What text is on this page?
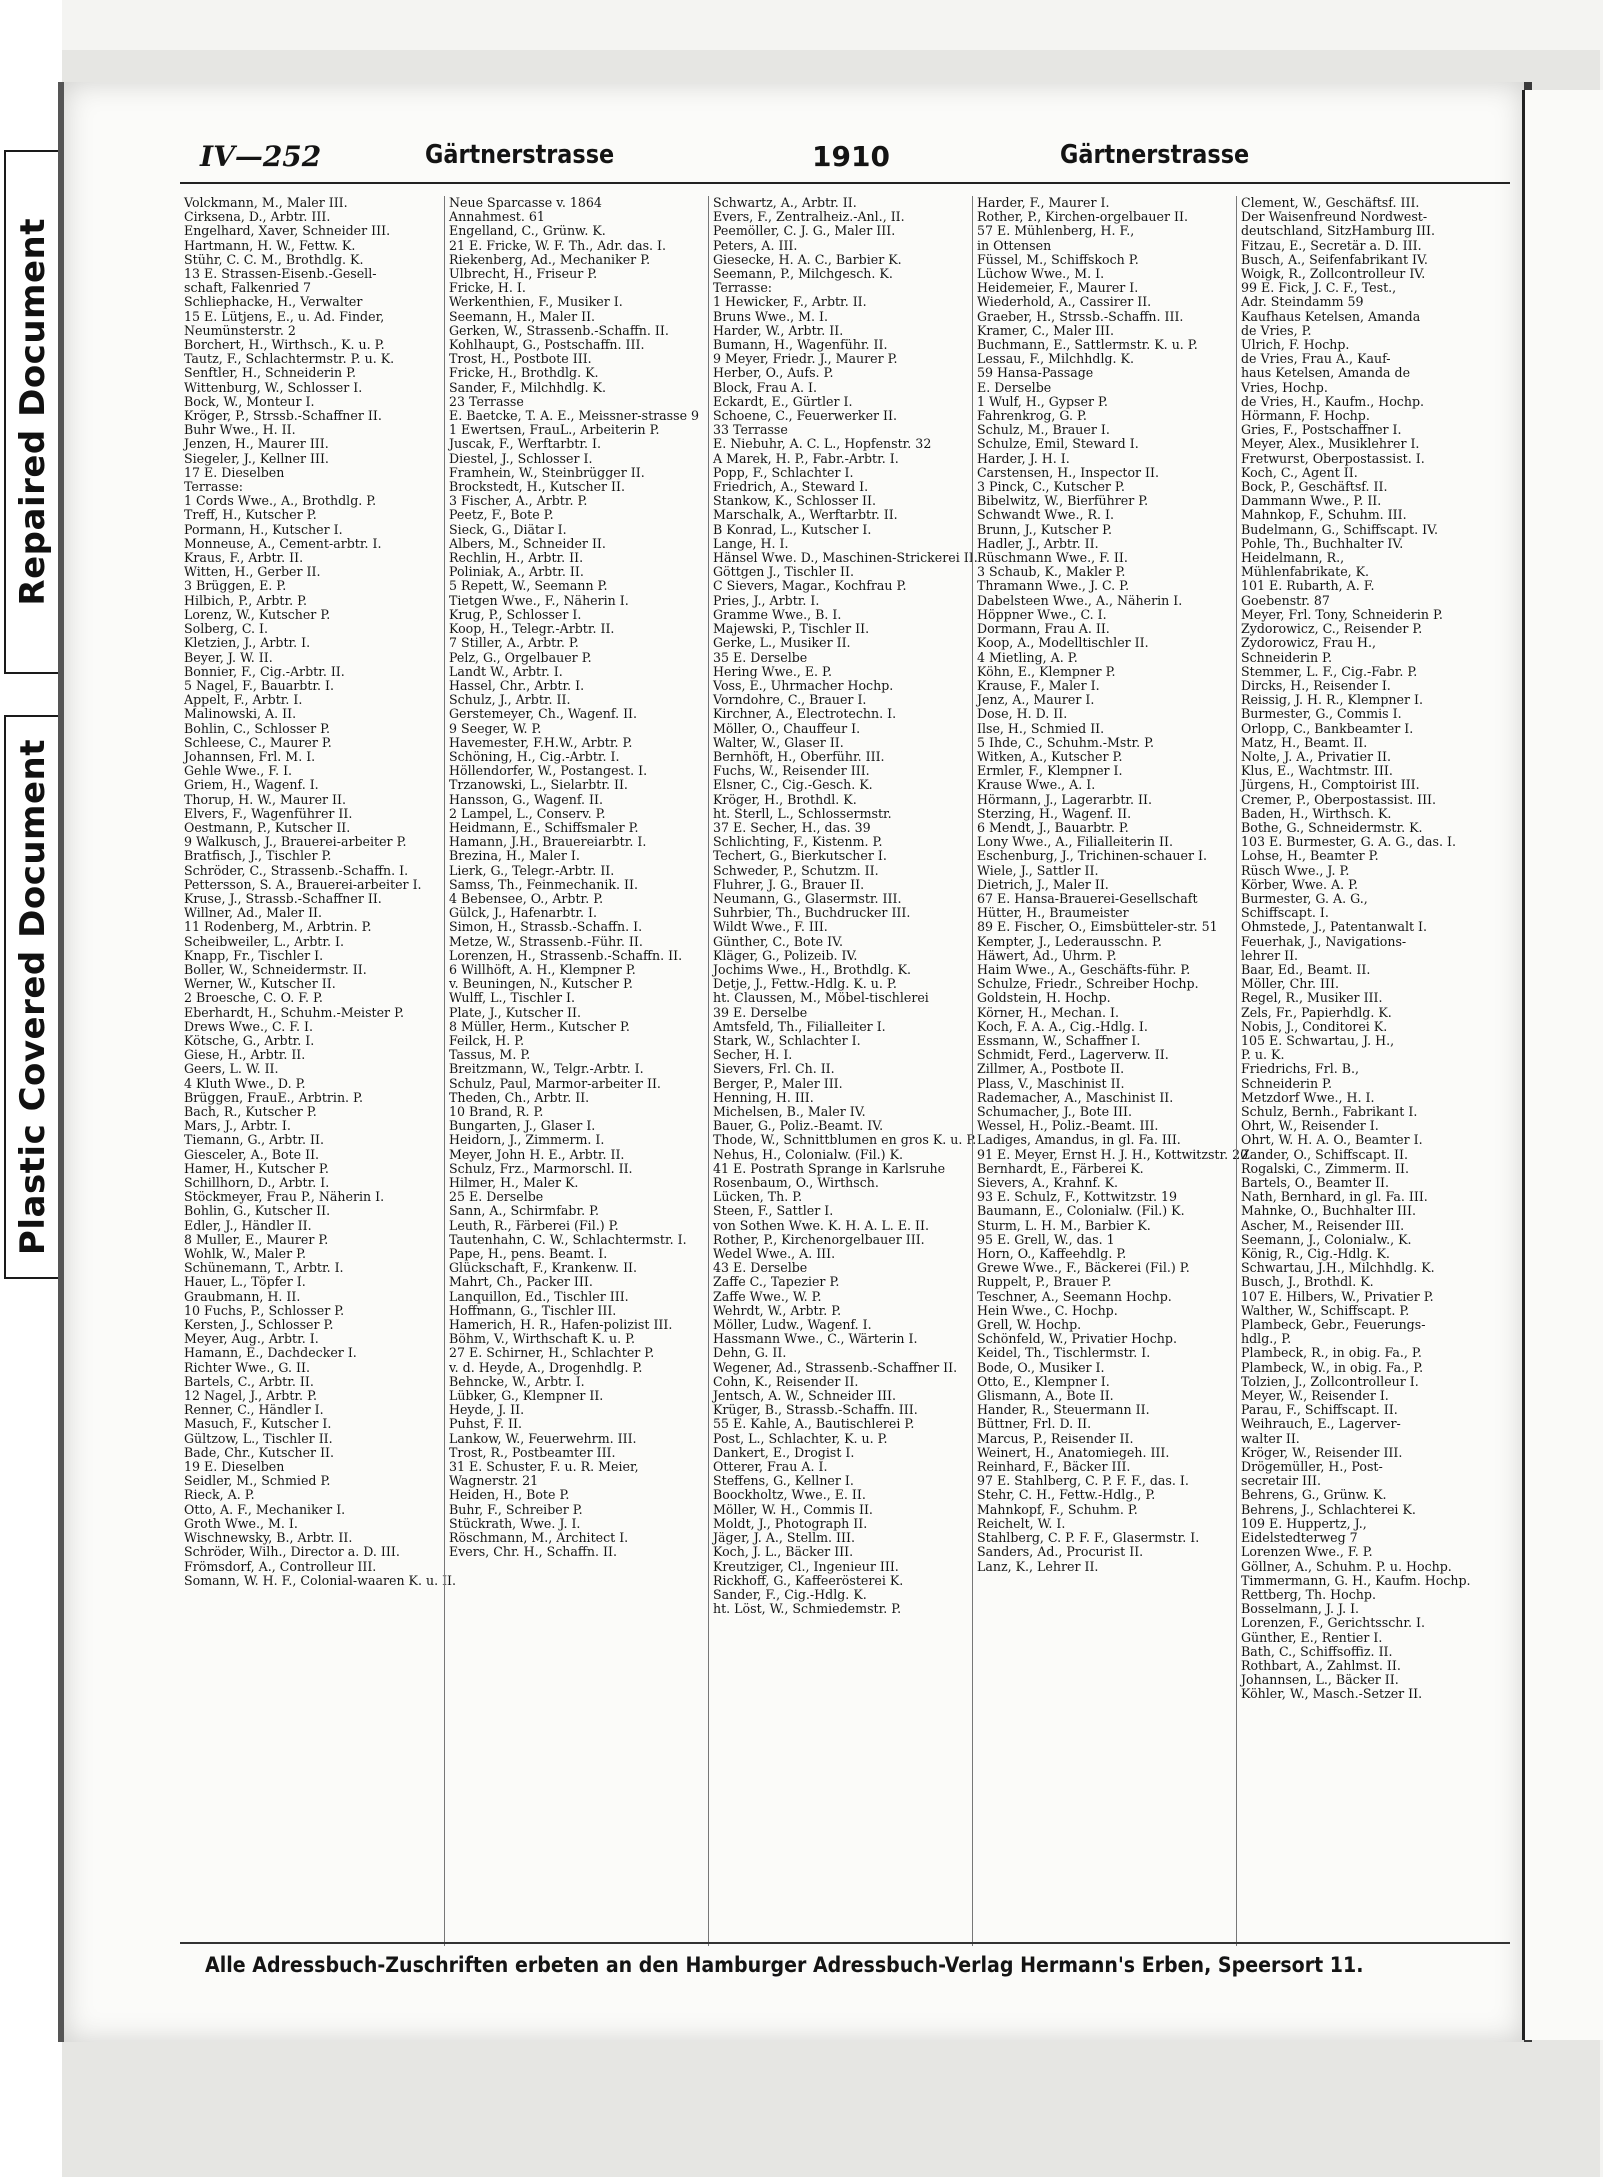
Repaired Document
Plastic Covered Document
IV—252	Gärtnerstrasse	1910	Gärtnerstrasse
Volckmann, M., Maler III.
Cirksena, D., Arbtr. III.
Engelhard, Xaver, Schneider III.
Hartmann, H. W., Fettw. K.
Stühr, C. C. M., Brothdlg. K.
13 E. Strassen-Eisenb.-Gesell-
schaft, Falkenried 7
Schliephacke, H., Verwalter
15 E. Lütjens, E., u. Ad. Finder,
Neumünsterstr. 2
Borchert, H., Wirthsch., K. u. P.
Tautz, F., Schlachtermstr. P. u. K.
Senftler, H., Schneiderin P.
Wittenburg, W., Schlosser I.
Bock, W., Monteur I.
Kröger, P., Strssb.-Schaffner II.
Buhr Wwe., H. II.
Jenzen, H., Maurer III.
Siegeler, J., Kellner III.
17 E. Dieselben
Terrasse:
1 Cords Wwe., A., Brothdlg. P.
Treff, H., Kutscher P.
Pormann, H., Kutscher I.
Monneuse, A., Cement-arbtr. I.
Kraus, F., Arbtr. II.
Witten, H., Gerber II.
3 Brüggen, E. P.
Hilbich, P., Arbtr. P.
Lorenz, W., Kutscher P.
Solberg, C. I.
Kletzien, J., Arbtr. I.
Beyer, J. W. II.
Bonnier, F., Cig.-Arbtr. II.
5 Nagel, F., Bauarbtr. I.
Appelt, F., Arbtr. I.
Malinowski, A. II.
Bohlin, C., Schlosser P.
Schleese, C., Maurer P.
Johannsen, Frl. M. I.
Gehle Wwe., F. I.
Griem, H., Wagenf. I.
Thorup, H. W., Maurer II.
Elvers, F., Wagenführer II.
Oestmann, P., Kutscher II.
9 Walkusch, J., Brauerei-arbeiter P.
Bratfisch, J., Tischler P.
Schröder, C., Strassenb.-Schaffn. I.
Pettersson, S. A., Brauerei-arbeiter I.
Kruse, J., Strassb.-Schaffner II.
Willner, Ad., Maler II.
11 Rodenberg, M., Arbtrin. P.
Scheibweiler, L., Arbtr. I.
Knapp, Fr., Tischler I.
Boller, W., Schneidermstr. II.
Werner, W., Kutscher II.
2 Broesche, C. O. F. P.
Eberhardt, H., Schuhm.-Meister P.
Drews Wwe., C. F. I.
Kötsche, G., Arbtr. I.
Giese, H., Arbtr. II.
Geers, L. W. II.
4 Kluth Wwe., D. P.
Brüggen, FrauE., Arbtrin. P.
Bach, R., Kutscher P.
Mars, J., Arbtr. I.
Tiemann, G., Arbtr. II.
Giesceler, A., Bote II.
Hamer, H., Kutscher P.
Schillhorn, D., Arbtr. I.
Stöckmeyer, Frau P., Näherin I.
Bohlin, G., Kutscher II.
Edler, J., Händler II.
8 Muller, E., Maurer P.
Wohlk, W., Maler P.
Schünemann, T., Arbtr. I.
Hauer, L., Töpfer I.
Graubmann, H. II.
10 Fuchs, P., Schlosser P.
Kersten, J., Schlosser P.
Meyer, Aug., Arbtr. I.
Hamann, E., Dachdecker I.
Richter Wwe., G. II.
Bartels, C., Arbtr. II.
12 Nagel, J., Arbtr. P.
Renner, C., Händler I.
Masuch, F., Kutscher I.
Gültzow, L., Tischler II.
Bade, Chr., Kutscher II.
19 E. Dieselben
Seidler, M., Schmied P.
Rieck, A. P.
Otto, A. F., Mechaniker I.
Groth Wwe., M. I.
Wischnewsky, B., Arbtr. II.
Schröder, Wilh., Director a. D. III.
Frömsdorf, A., Controlleur III.
Somann, W. H. F., Colonial-waaren K. u. II.
Neue Sparcasse v. 1864
Annahmest. 61
Engelland, C., Grünw. K.
21 E. Fricke, W. F. Th., Adr. das. I.
Riekenberg, Ad., Mechaniker P.
Ulbrecht, H., Friseur P.
Fricke, H. I.
Werkenthien, F., Musiker I.
Seemann, H., Maler II.
Gerken, W., Strassenb.-Schaffn. II.
Kohlhaupt, G., Postschaffn. III.
Trost, H., Postbote III.
Fricke, H., Brothdlg. K.
Sander, F., Milchhdlg. K.
23 Terrasse
E. Baetcke, T. A. E., Meissner-strasse 9
1 Ewertsen, FrauL., Arbeiterin P.
Juscak, F., Werftarbtr. I.
Diestel, J., Schlosser I.
Framhein, W., Steinbrügger II.
Brockstedt, H., Kutscher II.
3 Fischer, A., Arbtr. P.
Peetz, F., Bote P.
Sieck, G., Diätar I.
Albers, M., Schneider II.
Rechlin, H., Arbtr. II.
Poliniak, A., Arbtr. II.
5 Repett, W., Seemann P.
Tietgen Wwe., F., Näherin I.
Krug, P., Schlosser I.
Koop, H., Telegr.-Arbtr. II.
7 Stiller, A., Arbtr. P.
Pelz, G., Orgelbauer P.
Landt W., Arbtr. I.
Hassel, Chr., Arbtr. I.
Schulz, J., Arbtr. II.
Gerstemeyer, Ch., Wagenf. II.
9 Seeger, W. P.
Havemester, F.H.W., Arbtr. P.
Schöning, H., Cig.-Arbtr. I.
Höllendorfer, W., Postangest. I.
Trzanowski, L., Sielarbtr. II.
Hansson, G., Wagenf. II.
2 Lampel, L., Conserv. P.
Heidmann, E., Schiffsmaler P.
Hamann, J.H., Brauereiarbtr. I.
Brezina, H., Maler I.
Lierk, G., Telegr.-Arbtr. II.
Samss, Th., Feinmechanik. II.
4 Bebensee, O., Arbtr. P.
Gülck, J., Hafenarbtr. I.
Simon, H., Strassb.-Schaffn. I.
Metze, W., Strassenb.-Führ. II.
Lorenzen, H., Strassenb.-Schaffn. II.
6 Willhöft, A. H., Klempner P.
v. Beuningen, N., Kutscher P.
Wulff, L., Tischler I.
Plate, J., Kutscher II.
8 Müller, Herm., Kutscher P.
Feilck, H. P.
Tassus, M. P.
Breitzmann, W., Telgr.-Arbtr. I.
Schulz, Paul, Marmor-arbeiter II.
Theden, Ch., Arbtr. II.
10 Brand, R. P.
Bungarten, J., Glaser I.
Heidorn, J., Zimmerm. I.
Meyer, John H. E., Arbtr. II.
Schulz, Frz., Marmorschl. II.
Hilmer, H., Maler K.
25 E. Derselbe
Sann, A., Schirmfabr. P.
Leuth, R., Färberei (Fil.) P.
Tautenhahn, C. W., Schlachtermstr. I.
Pape, H., pens. Beamt. I.
Glückschaft, F., Krankenw. II.
Mahrt, Ch., Packer III.
Lanquillon, Ed., Tischler III.
Hoffmann, G., Tischler III.
Hamerich, H. R., Hafen-polizist III.
Böhm, V., Wirthschaft K. u. P.
27 E. Schirner, H., Schlachter P.
v. d. Heyde, A., Drogenhdlg. P.
Behncke, W., Arbtr. I.
Lübker, G., Klempner II.
Heyde, J. II.
Puhst, F. II.
Lankow, W., Feuerwehrm. III.
Trost, R., Postbeamter III.
31 E. Schuster, F. u. R. Meier,
Wagnerstr. 21
Heiden, H., Bote P.
Buhr, F., Schreiber P.
Stückrath, Wwe. J. I.
Röschmann, M., Architect I.
Evers, Chr. H., Schaffn. II.
Schwartz, A., Arbtr. II.
Evers, F., Zentralheiz.-Anl., II.
Peemöller, C. J. G., Maler III.
Peters, A. III.
Giesecke, H. A. C., Barbier K.
Seemann, P., Milchgesch. K.
Terrasse:
1 Hewicker, F., Arbtr. II.
Bruns Wwe., M. I.
Harder, W., Arbtr. II.
Bumann, H., Wagenführ. II.
9 Meyer, Friedr. J., Maurer P.
Herber, O., Aufs. P.
Block, Frau A. I.
Eckardt, E., Gürtler I.
Schoene, C., Feuerwerker II.
33 Terrasse
E. Niebuhr, A. C. L., Hopfenstr. 32
A Marek, H. P., Fabr.-Arbtr. I.
Popp, F., Schlachter I.
Friedrich, A., Steward I.
Stankow, K., Schlosser II.
Marschalk, A., Werftarbtr. II.
B Konrad, L., Kutscher I.
Lange, H. I.
Hänsel Wwe. D., Maschinen-Strickerei II.
Göttgen J., Tischler II.
C Sievers, Magar., Kochfrau P.
Pries, J., Arbtr. I.
Gramme Wwe., B. I.
Majewski, P., Tischler II.
Gerke, L., Musiker II.
35 E. Derselbe
Hering Wwe., E. P.
Voss, E., Uhrmacher Hochp.
Vorndohre, C., Brauer I.
Kirchner, A., Electrotechn. I.
Möller, O., Chauffeur I.
Walter, W., Glaser II.
Bernhöft, H., Oberführ. III.
Fuchs, W., Reisender III.
Elsner, C., Cig.-Gesch. K.
Kröger, H., Brothdl. K.
ht. Sterll, L., Schlossermstr.
37 E. Secher, H., das. 39
Schlichting, F., Kistenm. P.
Techert, G., Bierkutscher I.
Schweder, P., Schutzm. II.
Fluhrer, J. G., Brauer II.
Neumann, G., Glasermstr. III.
Suhrbier, Th., Buchdrucker III.
Wildt Wwe., F. III.
Günther, C., Bote IV.
Kläger, G., Polizeib. IV.
Jochims Wwe., H., Brothdlg. K.
Detje, J., Fettw.-Hdlg. K. u. P.
ht. Claussen, M., Möbel-tischlerei
39 E. Derselbe
Amtsfeld, Th., Filialleiter I.
Stark, W., Schlachter I.
Secher, H. I.
Sievers, Frl. Ch. II.
Berger, P., Maler III.
Henning, H. III.
Michelsen, B., Maler IV.
Bauer, G., Poliz.-Beamt. IV.
Thode, W., Schnittblumen en gros K. u. P.
Nehus, H., Colonialw. (Fil.) K.
41 E. Postrath Sprange in Karlsruhe
Rosenbaum, O., Wirthsch.
Lücken, Th. P.
Steen, F., Sattler I.
von Sothen Wwe. K. H. A. L. E. II.
Rother, P., Kirchenorgelbauer III.
Wedel Wwe., A. III.
43 E. Derselbe
Zaffe C., Tapezier P.
Zaffe Wwe., W. P.
Wehrdt, W., Arbtr. P.
Möller, Ludw., Wagenf. I.
Hassmann Wwe., C., Wärterin I.
Dehn, G. II.
Wegener, Ad., Strassenb.-Schaffner II.
Cohn, K., Reisender II.
Jentsch, A. W., Schneider III.
Krüger, B., Strassb.-Schaffn. III.
55 E. Kahle, A., Bautischlerei P.
Post, L., Schlachter, K. u. P.
Dankert, E., Drogist I.
Otterer, Frau A. I.
Steffens, G., Kellner I.
Boockholtz, Wwe., E. II.
Möller, W. H., Commis II.
Moldt, J., Photograph II.
Jäger, J. A., Stellm. III.
Koch, J. L., Bäcker III.
Kreutziger, Cl., Ingenieur III.
Rickhoff, G., Kaffeerösterei K.
Sander, F., Cig.-Hdlg. K.
ht. Löst, W., Schmiedemstr. P.
Harder, F., Maurer I.
Rother, P., Kirchen-orgelbauer II.
57 E. Mühlenberg, H. F.,
in Ottensen
Füssel, M., Schiffskoch P.
Lüchow Wwe., M. I.
Heidemeier, F., Maurer I.
Wiederhold, A., Cassirer II.
Graeber, H., Strssb.-Schaffn. III.
Kramer, C., Maler III.
Buchmann, E., Sattlermstr. K. u. P.
Lessau, F., Milchhdlg. K.
59 Hansa-Passage
E. Derselbe
1 Wulf, H., Gypser P.
Fahrenkrog, G. P.
Schulz, M., Brauer I.
Schulze, Emil, Steward I.
Harder, J. H. I.
Carstensen, H., Inspector II.
3 Pinck, C., Kutscher P.
Bibelwitz, W., Bierführer P.
Schwandt Wwe., R. I.
Brunn, J., Kutscher P.
Hadler, J., Arbtr. II.
Rüschmann Wwe., F. II.
3 Schaub, K., Makler P.
Thramann Wwe., J. C. P.
Dabelsteen Wwe., A., Näherin I.
Höppner Wwe., C. I.
Dormann, Frau A. II.
Koop, A., Modelltischler II.
4 Mietling, A. P.
Köhn, E., Klempner P.
Krause, F., Maler I.
Jenz, A., Maurer I.
Dose, H. D. II.
Ilse, H., Schmied II.
5 Ihde, C., Schuhm.-Mstr. P.
Witken, A., Kutscher P.
Ermler, F., Klempner I.
Krause Wwe., A. I.
Hörmann, J., Lagerarbtr. II.
Sterzing, H., Wagenf. II.
6 Mendt, J., Bauarbtr. P.
Lony Wwe., A., Filialleiterin II.
Eschenburg, J., Trichinen-schauer I.
Wiele, J., Sattler II.
Dietrich, J., Maler II.
67 E. Hansa-Brauerei-Gesellschaft
Hütter, H., Braumeister
89 E. Fischer, O., Eimsbütteler-str. 51
Kempter, J., Lederausschn. P.
Häwert, Ad., Uhrm. P.
Haim Wwe., A., Geschäfts-führ. P.
Schulze, Friedr., Schreiber Hochp.
Goldstein, H. Hochp.
Körner, H., Mechan. I.
Koch, F. A. A., Cig.-Hdlg. I.
Essmann, W., Schaffner I.
Schmidt, Ferd., Lagerverw. II.
Zillmer, A., Postbote II.
Plass, V., Maschinist II.
Rademacher, A., Maschinist II.
Schumacher, J., Bote III.
Wessel, H., Poliz.-Beamt. III.
Ladiges, Amandus, in gl. Fa. III.
91 E. Meyer, Ernst H. J. H., Kottwitzstr. 20
Bernhardt, E., Färberei K.
Sievers, A., Krahnf. K.
93 E. Schulz, F., Kottwitzstr. 19
Baumann, E., Colonialw. (Fil.) K.
Sturm, L. H. M., Barbier K.
95 E. Grell, W., das. 1
Horn, O., Kaffeehdlg. P.
Grewe Wwe., F., Bäckerei (Fil.) P.
Ruppelt, P., Brauer P.
Teschner, A., Seemann Hochp.
Hein Wwe., C. Hochp.
Grell, W. Hochp.
Schönfeld, W., Privatier Hochp.
Keidel, Th., Tischlermstr. I.
Bode, O., Musiker I.
Otto, E., Klempner I.
Glismann, A., Bote II.
Hander, R., Steuermann II.
Büttner, Frl. D. II.
Marcus, P., Reisender II.
Weinert, H., Anatomiegeh. III.
Reinhard, F., Bäcker III.
97 E. Stahlberg, C. P. F. F., das. I.
Stehr, C. H., Fettw.-Hdlg., P.
Mahnkopf, F., Schuhm. P.
Reichelt, W. I.
Stahlberg, C. P. F. F., Glasermstr. I.
Sanders, Ad., Procurist II.
Lanz, K., Lehrer II.
Clement, W., Geschäftsf. III.
Der Waisenfreund Nordwest-
deutschland, SitzHamburg III.
Fitzau, E., Secretär a. D. III.
Busch, A., Seifenfabrikant IV.
Woigk, R., Zollcontrolleur IV.
99 E. Fick, J. C. F., Test.,
Adr. Steindamm 59
Kaufhaus Ketelsen, Amanda
de Vries, P.
Ulrich, F. Hochp.
de Vries, Frau A., Kauf-
haus Ketelsen, Amanda de
Vries, Hochp.
de Vries, H., Kaufm., Hochp.
Hörmann, F. Hochp.
Gries, F., Postschaffner I.
Meyer, Alex., Musiklehrer I.
Fretwurst, Oberpostassist. I.
Koch, C., Agent II.
Bock, P., Geschäftsf. II.
Dammann Wwe., P. II.
Mahnkop, F., Schuhm. III.
Budelmann, G., Schiffscapt. IV.
Pohle, Th., Buchhalter IV.
Heidelmann, R.,
Mühlenfabrikate, K.
101 E. Rubarth, A. F.
Goebenstr. 87
Meyer, Frl. Tony, Schneiderin P.
Zydorowicz, C., Reisender P.
Zydorowicz, Frau H.,
Schneiderin P.
Stemmer, L. F., Cig.-Fabr. P.
Dircks, H., Reisender I.
Reissig, J. H. R., Klempner I.
Burmester, G., Commis I.
Orlopp, C., Bankbeamter I.
Matz, H., Beamt. II.
Nolte, J. A., Privatier II.
Klus, E., Wachtmstr. III.
Jürgens, H., Comptoirist III.
Cremer, P., Oberpostassist. III.
Baden, H., Wirthsch. K.
Bothe, G., Schneidermstr. K.
103 E. Burmester, G. A. G., das. I.
Lohse, H., Beamter P.
Rüsch Wwe., J. P.
Körber, Wwe. A. P.
Burmester, G. A. G.,
Schiffscapt. I.
Ohmstede, J., Patentanwalt I.
Feuerhak, J., Navigations-
lehrer II.
Baar, Ed., Beamt. II.
Möller, Chr. III.
Regel, R., Musiker III.
Zels, Fr., Papierhdlg. K.
Nobis, J., Conditorei K.
105 E. Schwartau, J. H.,
P. u. K.
Friedrichs, Frl. B.,
Schneiderin P.
Metzdorf Wwe., H. I.
Schulz, Bernh., Fabrikant I.
Ohrt, W., Reisender I.
Ohrt, W. H. A. O., Beamter I.
Zander, O., Schiffscapt. II.
Rogalski, C., Zimmerm. II.
Bartels, O., Beamter II.
Nath, Bernhard, in gl. Fa. III.
Mahnke, O., Buchhalter III.
Ascher, M., Reisender III.
Seemann, J., Colonialw., K.
König, R., Cig.-Hdlg. K.
Schwartau, J.H., Milchhdlg. K.
Busch, J., Brothdl. K.
107 E. Hilbers, W., Privatier P.
Walther, W., Schiffscapt. P.
Plambeck, Gebr., Feuerungs-
hdlg., P.
Plambeck, R., in obig. Fa., P.
Plambeck, W., in obig. Fa., P.
Tolzien, J., Zollcontrolleur I.
Meyer, W., Reisender I.
Parau, F., Schiffscapt. II.
Weihrauch, E., Lagerver-
walter II.
Kröger, W., Reisender III.
Drögemüller, H., Post-
secretair III.
Behrens, G., Grünw. K.
Behrens, J., Schlachterei K.
109 E. Huppertz, J.,
Eidelstedterweg 7
Lorenzen Wwe., F. P.
Göllner, A., Schuhm. P. u. Hochp.
Timmermann, G. H., Kaufm. Hochp.
Rettberg, Th. Hochp.
Bosselmann, J. J. I.
Lorenzen, F., Gerichtsschr. I.
Günther, E., Rentier I.
Bath, C., Schiffsoffiz. II.
Rothbart, A., Zahlmst. II.
Johannsen, L., Bäcker II.
Köhler, W., Masch.-Setzer II.
Alle Adressbuch-Zuschriften erbeten an den Hamburger Adressbuch-Verlag Hermann's Erben, Speersort 11.
